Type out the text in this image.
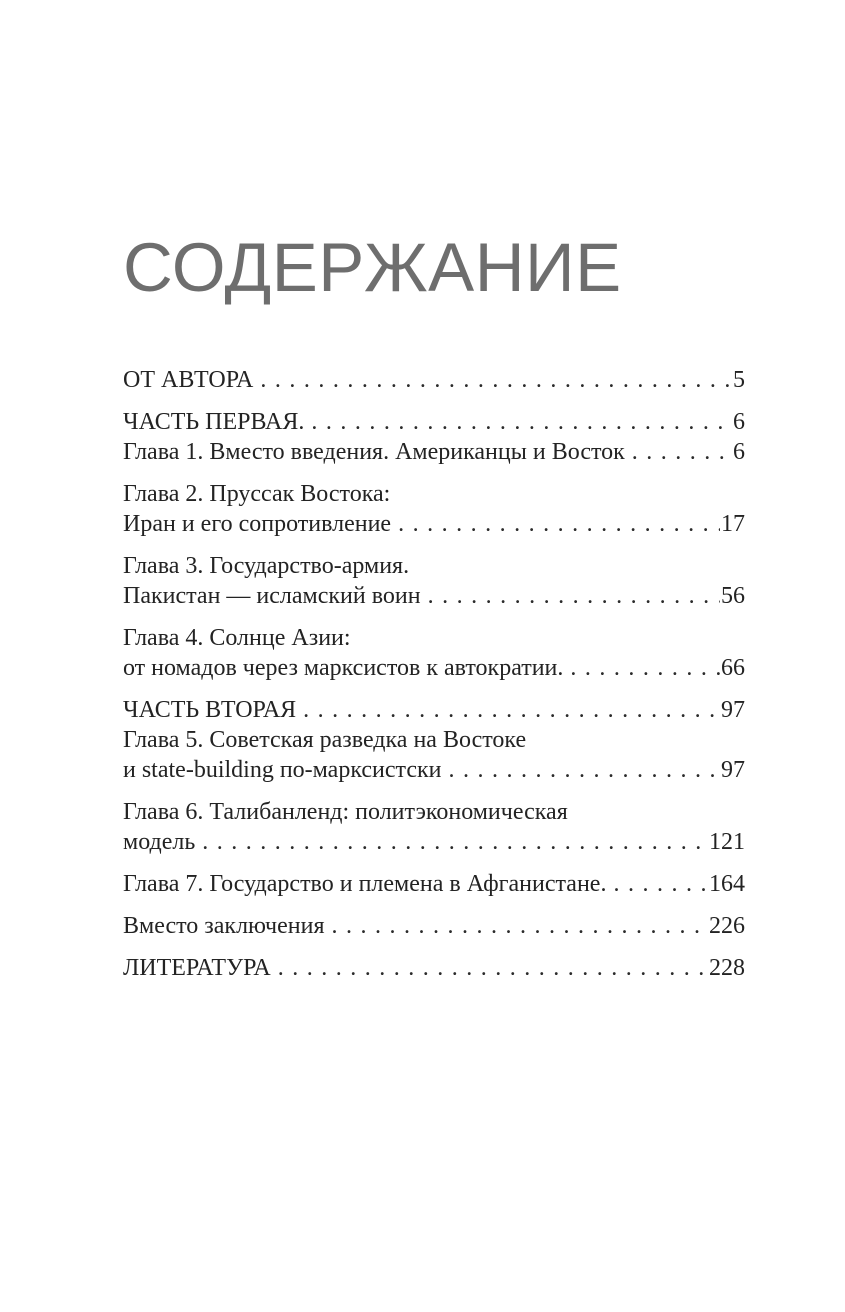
СОДЕРЖАНИЕ
ОТ АВТОРА .....	5
ЧАСТЬ ПЕРВАЯ. .....	6
Глава 1. Вместо введения. Американцы и Восток .....	6
Глава 2. Пруссак Востока:
Иран и его сопротивление .....	17
Глава 3. Государство-армия.
Пакистан — исламский воин .....	56
Глава 4. Солнце Азии:
от номадов через марксистов к автократии. .....	66
ЧАСТЬ ВТОРАЯ .....	97
Глава 5. Советская разведка на Востоке
и state-building по-марксистски .....	97
Глава 6. Талибанленд: политэкономическая
модель .....	121
Глава 7. Государство и племена в Афганистане. .....	164
Вместо заключения .....	226
ЛИТЕРАТУРА .....	228
